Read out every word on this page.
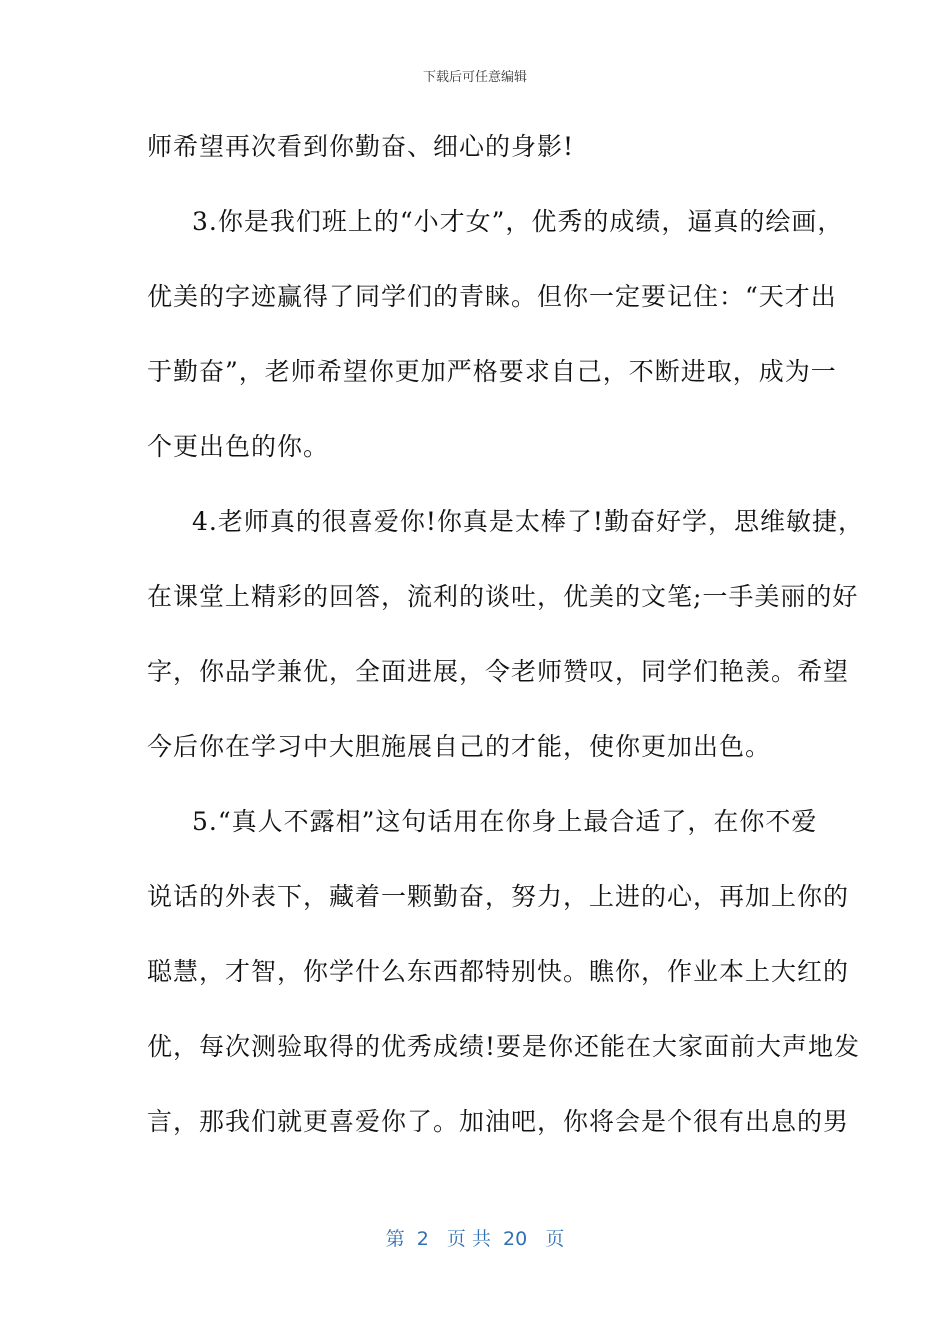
下载后可任意编辑
师希望再次看到你勤奋、细心的身影!
3.你是我们班上的“小才女”，优秀的成绩，逼真的绘画，
优美的字迹赢得了同学们的青睐。但你一定要记住：“天才出
于勤奋”，老师希望你更加严格要求自己，不断进取，成为一
个更出色的你。
4.老师真的很喜爱你!你真是太棒了!勤奋好学，思维敏捷，
在课堂上精彩的回答，流利的谈吐，优美的文笔;一手美丽的好
字，你品学兼优，全面进展，令老师赞叹，同学们艳羡。希望
今后你在学习中大胆施展自己的才能，使你更加出色。
5.“真人不露相”这句话用在你身上最合适了，在你不爱
说话的外表下，藏着一颗勤奋，努力，上进的心，再加上你的
聪慧，才智，你学什么东西都特别快。瞧你，作业本上大红的
优，每次测验取得的优秀成绩!要是你还能在大家面前大声地发
言，那我们就更喜爱你了。加油吧，你将会是个很有出息的男
第  2   页 共  20   页
